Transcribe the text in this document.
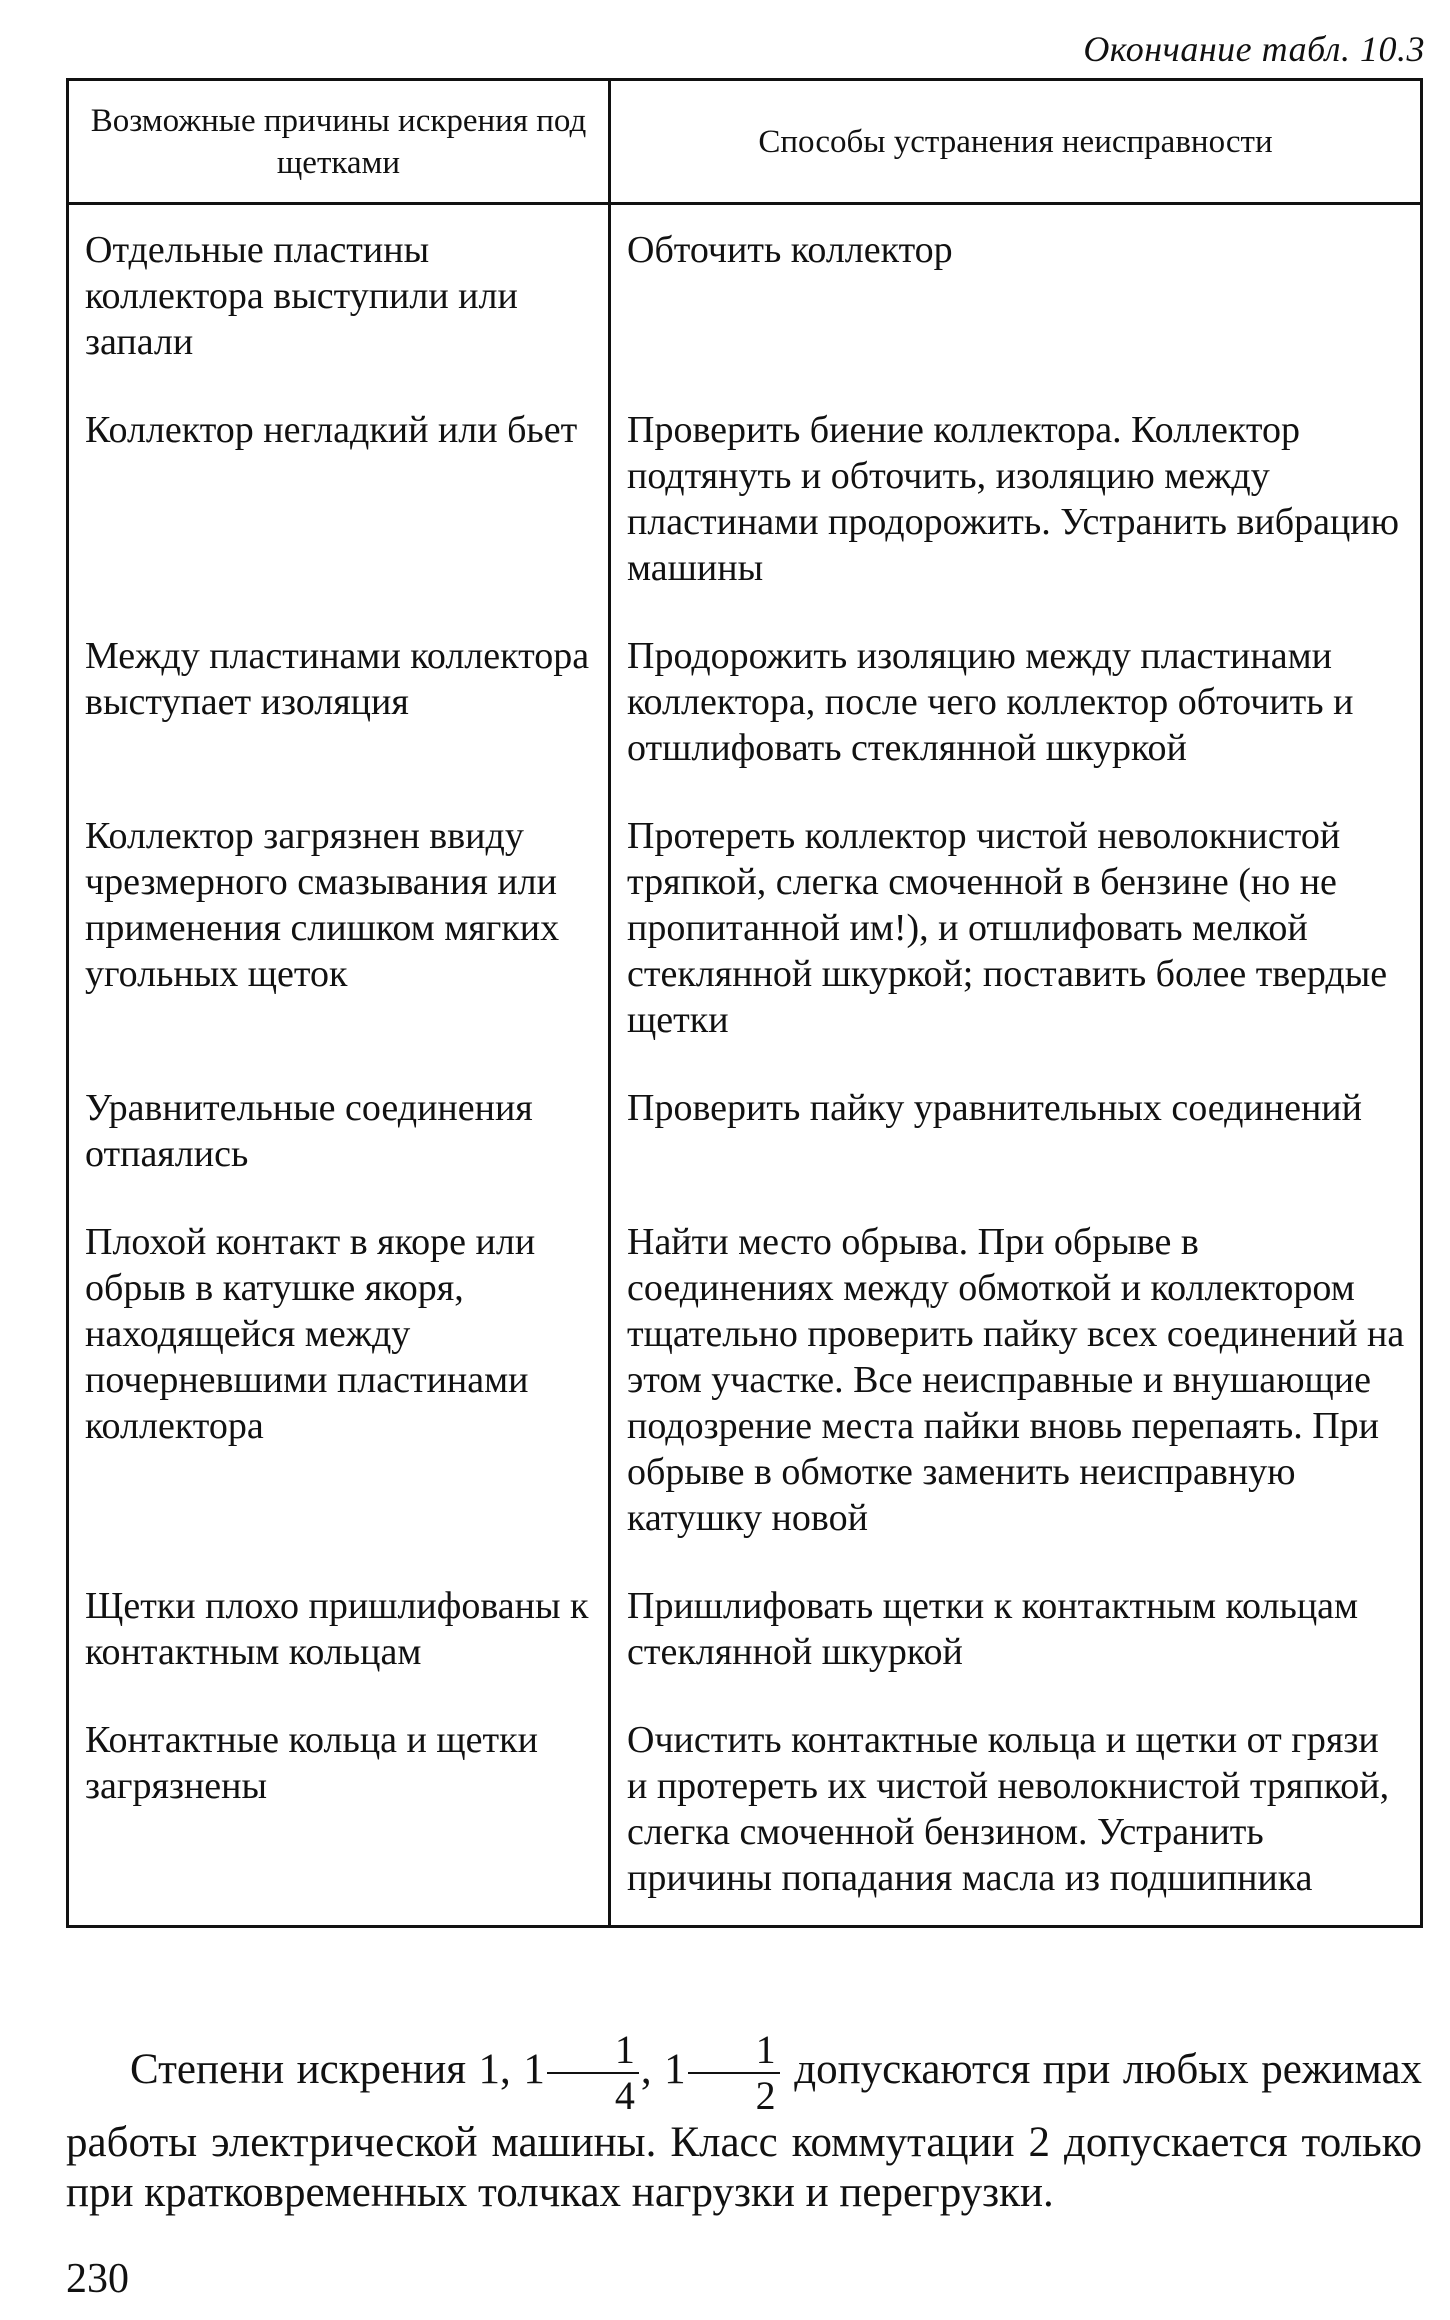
Окончание табл. 10.3
Возможные причины искрения под щетками	Способы устранения неисправности
Отдельные пластины коллектора выступили или запали	Обточить коллектор
Коллектор негладкий или бьет	Проверить биение коллектора. Коллектор подтянуть и обточить, изоляцию между пластинами продорожить. Устранить вибрацию машины
Между пластинами коллектора выступает изоляция	Продорожить изоляцию между пластинами коллектора, после чего коллектор обточить и отшлифовать стеклянной шкуркой
Коллектор загрязнен ввиду чрезмерного смазывания или применения слишком мягких угольных щеток	Протереть коллектор чистой неволокнистой тряпкой, слегка смоченной в бензине (но не пропитанной им!), и отшлифовать мелкой стеклянной шкуркой; поставить более твердые щетки
Уравнительные соединения отпаялись	Проверить пайку уравнительных соединений
Плохой контакт в якоре или обрыв в катушке якоря, находящейся между почерневшими пластинами коллектора	Найти место обрыва. При обрыве в соединениях между обмоткой и коллектором тщательно проверить пайку всех соединений на этом участке. Все неисправные и внушающие подозрение места пайки вновь перепаять. При обрыве в обмотке заменить неисправную катушку новой
Щетки плохо пришлифованы к контактным кольцам	Пришлифовать щетки к контактным кольцам стеклянной шкуркой
Контактные кольца и щетки загрязнены	Очистить контактные кольца и щетки от грязи и протереть их чистой неволокнистой тряпкой, слегка смоченной бензином. Устранить причины попадания масла из подшипника
Степени искрения 1, $1 \frac{1}{4}$ , $1 \frac{1}{2}$ допускаются при любых режимах работы электрической машины. Класс коммутации 2 допускается только при кратковременных толчках нагрузки и перегрузки.
230
